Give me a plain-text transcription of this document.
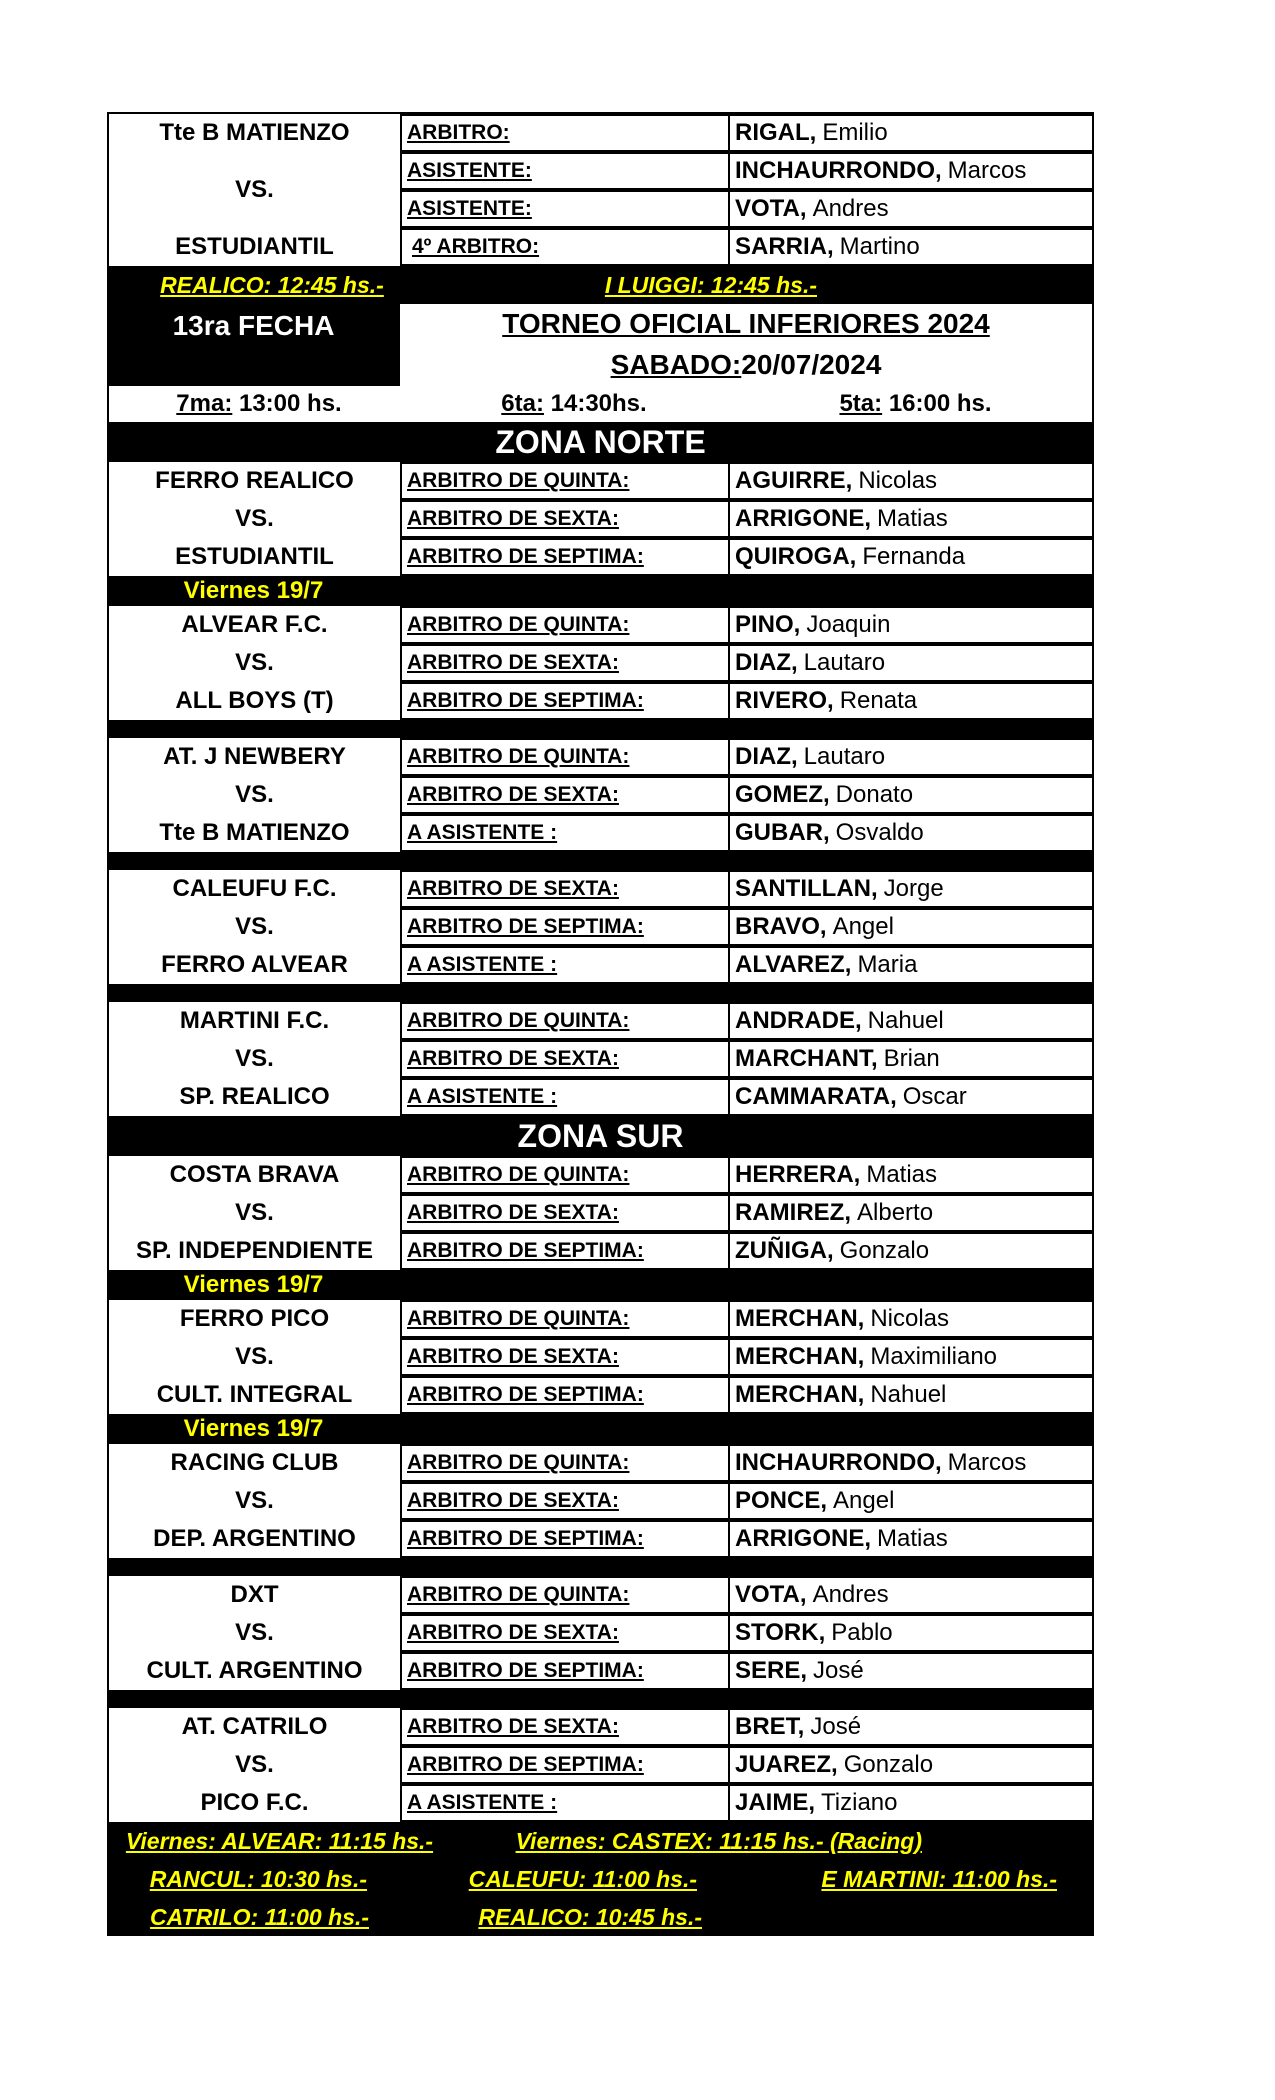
Tte B MATIENZO	ARBITRO:	RIGAL, Emilio
VS.
ASISTENTE:	INCHAURRONDO, Marcos
ASISTENTE:	VOTA, Andres
ESTUDIANTIL	4º ARBITRO:	SARRIA, Martino
REALICO: 12:45 hs.-	I LUIGGI: 12:45 hs.-
13ra FECHA	TORNEO OFICIAL INFERIORES 2024
SABADO:20/07/2024
7ma: 13:00 hs.	6ta: 14:30hs.	5ta: 16:00 hs.
ZONA NORTE
FERRO REALICO	ARBITRO DE QUINTA:	AGUIRRE, Nicolas
VS.	ARBITRO DE SEXTA:	ARRIGONE, Matias
ESTUDIANTIL	ARBITRO DE SEPTIMA:	QUIROGA, Fernanda
Viernes 19/7
ALVEAR F.C.	ARBITRO DE QUINTA:	PINO, Joaquin
VS.	ARBITRO DE SEXTA:	DIAZ, Lautaro
ALL BOYS (T)	ARBITRO DE SEPTIMA:	RIVERO, Renata
AT. J NEWBERY	ARBITRO DE QUINTA:	DIAZ, Lautaro
VS.	ARBITRO DE SEXTA:	GOMEZ, Donato
Tte B MATIENZO	A ASISTENTE :	GUBAR, Osvaldo
CALEUFU F.C.	ARBITRO DE SEXTA:	SANTILLAN, Jorge
VS.	ARBITRO DE SEPTIMA:	BRAVO, Angel
FERRO ALVEAR	A ASISTENTE :	ALVAREZ, Maria
MARTINI F.C.	ARBITRO DE QUINTA:	ANDRADE, Nahuel
VS.	ARBITRO DE SEXTA:	MARCHANT, Brian
SP. REALICO	A ASISTENTE :	CAMMARATA, Oscar
ZONA SUR
COSTA BRAVA	ARBITRO DE QUINTA:	HERRERA, Matias
VS.	ARBITRO DE SEXTA:	RAMIREZ, Alberto
SP. INDEPENDIENTE	ARBITRO DE SEPTIMA:	ZUÑIGA, Gonzalo
Viernes 19/7
FERRO PICO	ARBITRO DE QUINTA:	MERCHAN, Nicolas
VS.	ARBITRO DE SEXTA:	MERCHAN, Maximiliano
CULT. INTEGRAL	ARBITRO DE SEPTIMA:	MERCHAN, Nahuel
Viernes 19/7
RACING CLUB	ARBITRO DE QUINTA:	INCHAURRONDO, Marcos
VS.	ARBITRO DE SEXTA:	PONCE, Angel
DEP. ARGENTINO	ARBITRO DE SEPTIMA:	ARRIGONE, Matias
DXT	ARBITRO DE QUINTA:	VOTA, Andres
VS.	ARBITRO DE SEXTA:	STORK, Pablo
CULT. ARGENTINO	ARBITRO DE SEPTIMA:	SERE, José
AT. CATRILO	ARBITRO DE SEXTA:	BRET, José
VS.	ARBITRO DE SEPTIMA:	JUAREZ, Gonzalo
PICO F.C.	A ASISTENTE :	JAIME, Tiziano
Viernes: ALVEAR: 11:15 hs.-	Viernes: CASTEX: 11:15 hs.- (Racing)
RANCUL: 10:30 hs.-	CALEUFU: 11:00 hs.-	E MARTINI: 11:00 hs.-
CATRILO: 11:00 hs.-	REALICO: 10:45 hs.-
